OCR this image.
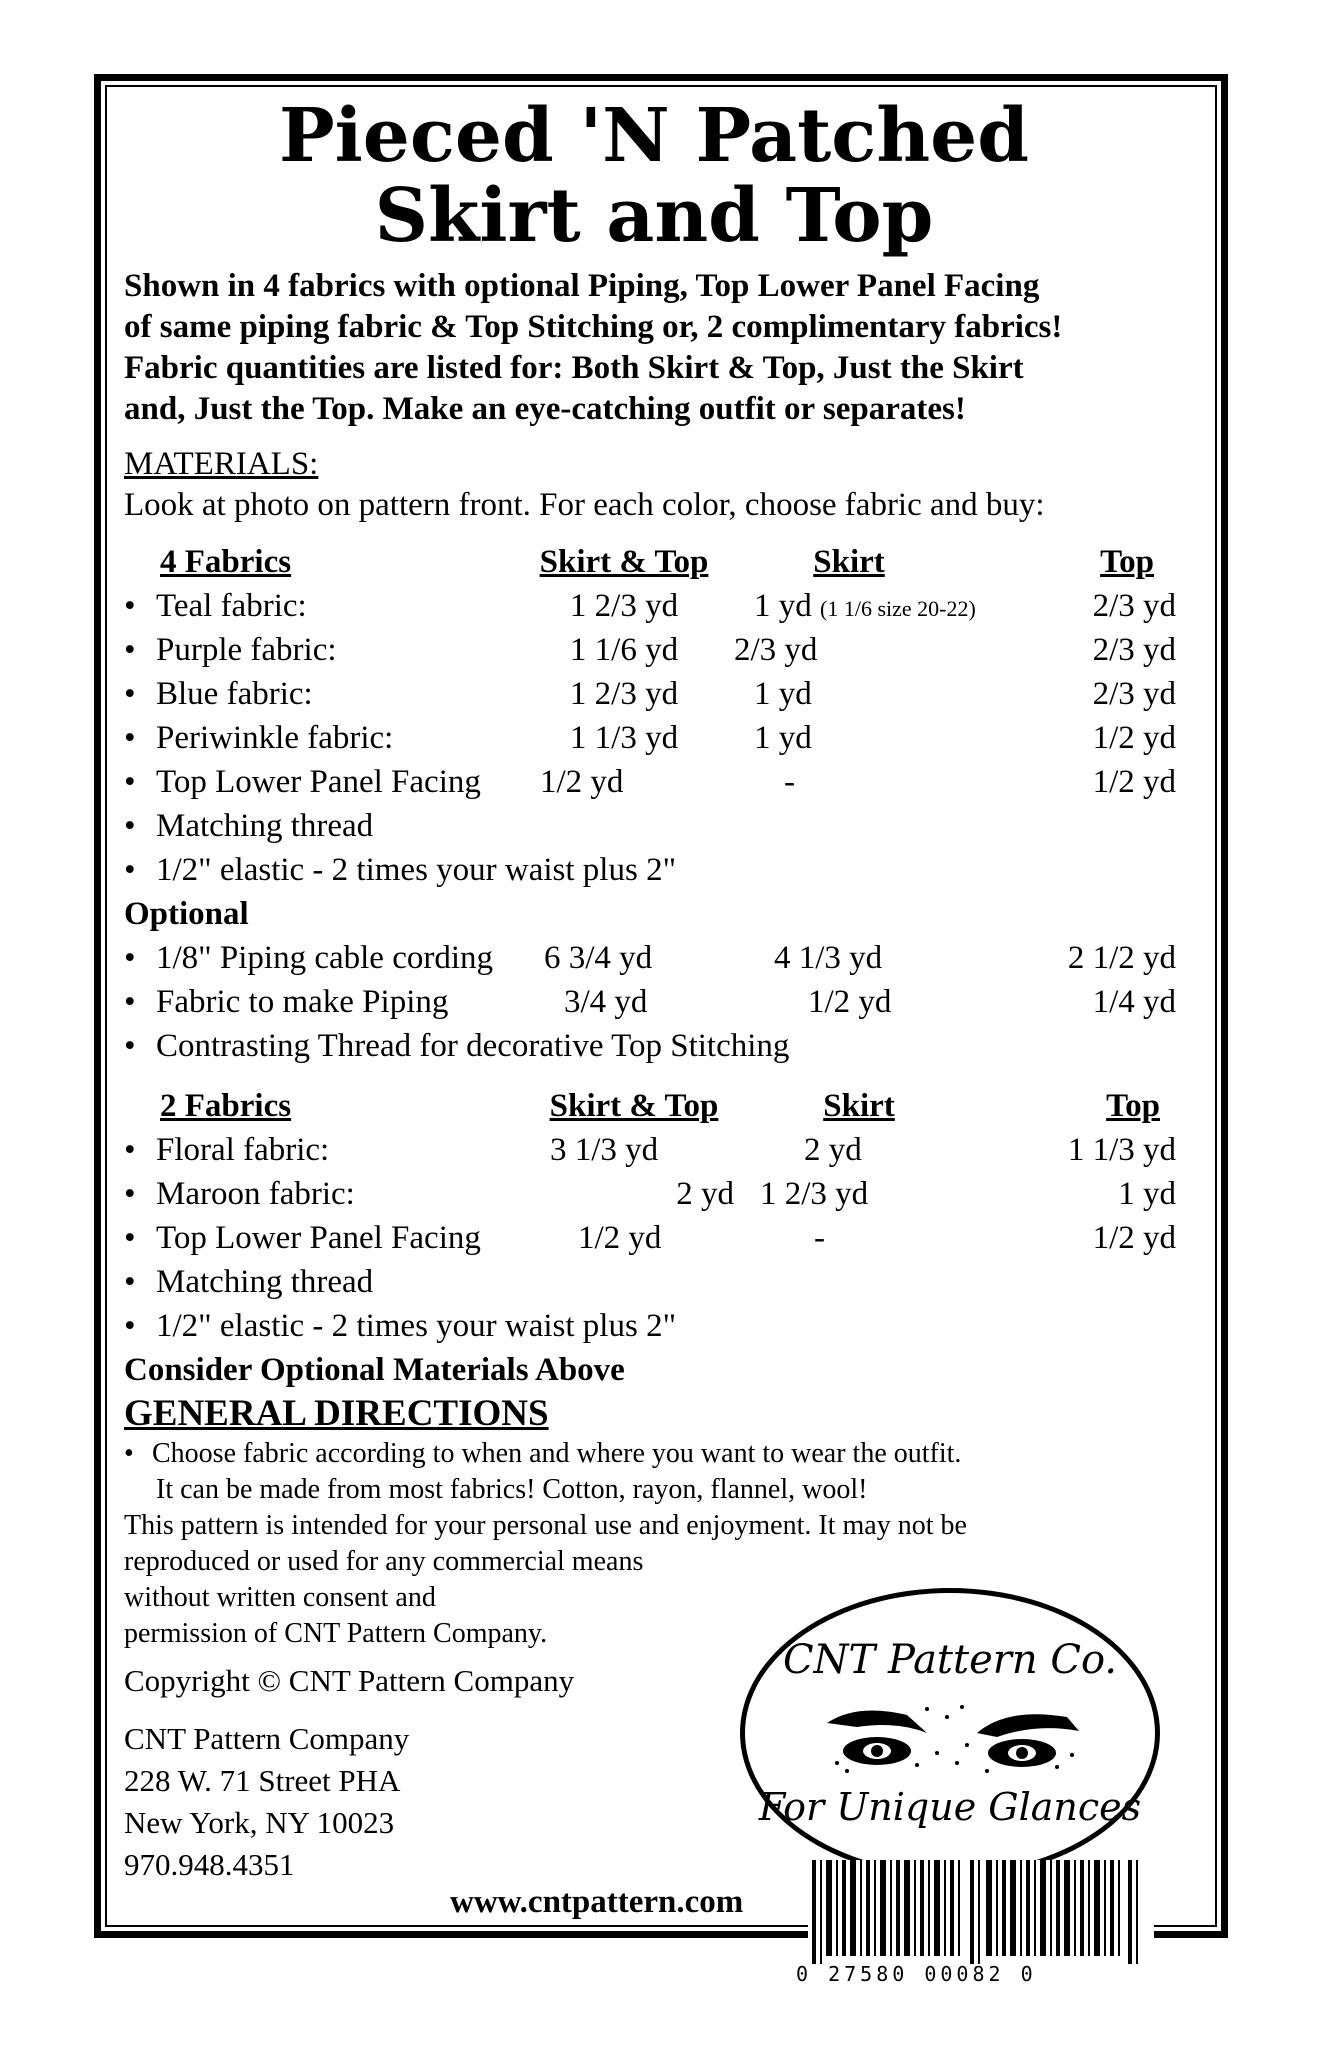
Pieced 'N Patched
Skirt and Top
Shown in 4 fabrics with optional Piping, Top Lower Panel Facing
of same piping fabric & Top Stitching or, 2 complimentary fabrics!
Fabric quantities are listed for: Both Skirt & Top, Just the Skirt
and, Just the Top. Make an eye-catching outfit or separates!
MATERIALS:
Look at photo on pattern front. For each color, choose fabric and buy:
4 Fabrics	Skirt & Top	Skirt	Top
• Teal fabric:	1 2/3 yd	1 yd (1 1/6 size 20-22)	2/3 yd
• Purple fabric:	1 1/6 yd	2/3 yd	2/3 yd
• Blue fabric:	1 2/3 yd	1 yd	2/3 yd
• Periwinkle fabric:	1 1/3 yd	1 yd	1/2 yd
• Top Lower Panel Facing	1/2 yd	-	1/2 yd
• Matching thread
• 1/2" elastic - 2 times your waist plus 2"
Optional
• 1/8" Piping cable cording	6 3/4 yd	4 1/3 yd	2 1/2 yd
• Fabric to make Piping	3/4 yd	1/2 yd	1/4 yd
• Contrasting Thread for decorative Top Stitching
2 Fabrics	Skirt & Top	Skirt	Top
• Floral fabric:	3 1/3 yd	2 yd	1 1/3 yd
• Maroon fabric:	2 yd	1 2/3 yd	1 yd
• Top Lower Panel Facing	1/2 yd	-	1/2 yd
• Matching thread
• 1/2" elastic - 2 times your waist plus 2"
Consider Optional Materials Above
GENERAL DIRECTIONS
• Choose fabric according to when and where you want to wear the outfit.
It can be made from most fabrics! Cotton, rayon, flannel, wool!
This pattern is intended for your personal use and enjoyment. It may not be
reproduced or used for any commercial means
without written consent and
permission of CNT Pattern Company.
Copyright © CNT Pattern Company
CNT Pattern Company
228 W. 71 Street PHA
New York, NY 10023
970.948.4351
www.cntpattern.com
CNT Pattern Co.
For Unique Glances
0 27580 00082 0
